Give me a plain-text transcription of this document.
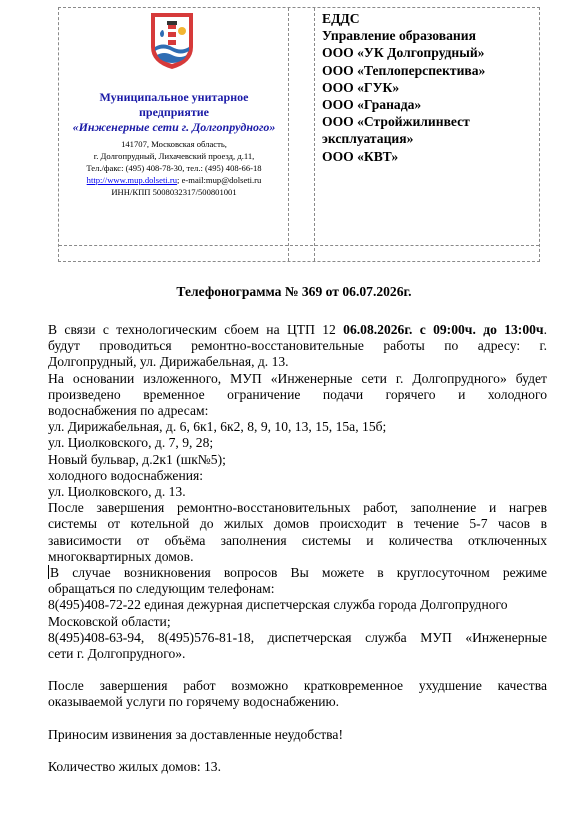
Муниципальное унитарное
предприятие
«Инженерные сети г. Долгопрудного»
141707, Московская область,
г. Долгопрудный, Лихачевский проезд, д.11,
Тел./факс: (495) 408-78-30, тел.: (495) 408-66-18
http://www.mup.dolseti.ru; e-mail:mup@dolseti.ru
ИНН/КПП 5008032317/500801001
ЕДДС
Управление образования
ООО «УК Долгопрудный»
ООО «Теплоперспектива»
ООО «ГУК»
ООО «Гранада»
ООО «Стройжилинвест
эксплуатация»
ООО «КВТ»
Телефонограмма № 369 от 06.07.2026г.

В связи с технологическим сбоем на ЦТП 12 06.08.2026г. с 09:00ч. до 13:00ч.

будут проводиться ремонтно-восстановительные работы по адресу: г.

Долгопрудный, ул. Дирижабельная, д. 13.

На основании изложенного, МУП «Инженерные сети г. Долгопрудного» будет

произведено временное ограничение подачи горячего и холодного

водоснабжения по адресам:

ул. Дирижабельная, д. 6, 6к1, 6к2, 8, 9, 10, 13, 15, 15а, 15б;

ул. Циолковского, д. 7, 9, 28;

Новый бульвар, д.2к1 (шк№5);

холодного водоснабжения:

ул. Циолковского, д. 13.

После завершения ремонтно-восстановительных работ, заполнение и нагрев

системы от котельной до жилых домов происходит в течение 5-7 часов в

зависимости от объёма заполнения системы и количества отключенных

многоквартирных домов.

В случае возникновения вопросов Вы можете в круглосуточном режиме

обращаться по следующим телефонам:

8(495)408-72-22 единая дежурная диспетчерская служба города Долгопрудного

Московской области;

8(495)408-63-94, 8(495)576-81-18, диспетчерская служба МУП «Инженерные

сети г. Долгопрудного».

После завершения работ возможно кратковременное ухудшение качества

оказываемой услуги по горячему водоснабжению.

Приносим извинения за доставленные неудобства!

Количество жилых домов: 13.
